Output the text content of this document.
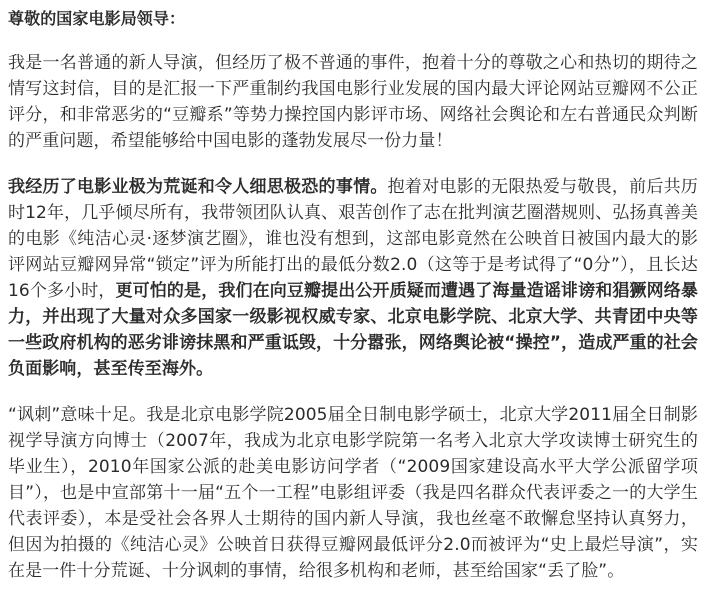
尊敬的国家电影局领导：

我是一名普通的新人导演，但经历了极不普通的事件，抱着十分的尊敬之心和热切的期待之情写这封信，目的是汇报一下严重制约我国电影行业发展的国内最大评论网站豆瓣网不公正评分，和非常恶劣的“豆瓣系”等势力操控国内影评市场、网络社会舆论和左右普通民众判断的严重问题，希望能够给中国电影的蓬勃发展尽一份力量！

我经历了电影业极为荒诞和令人细思极恐的事情。抱着对电影的无限热爱与敬畏，前后共历时12年，几乎倾尽所有，我带领团队认真、艰苦创作了志在批判演艺圈潜规则、弘扬真善美的电影《纯洁心灵·逐梦演艺圈》，谁也没有想到，这部电影竟然在公映首日被国内最大的影评网站豆瓣网异常“锁定”评为所能打出的最低分数2.0（这等于是考试得了“0分”），且长达16个多小时，更可怕的是，我们在向豆瓣提出公开质疑而遭遇了海量造谣诽谤和猖獗网络暴力，并出现了大量对众多国家一级影视权威专家、北京电影学院、北京大学、共青团中央等一些政府机构的恶劣诽谤抹黑和严重诋毁，十分嚣张，网络舆论被“操控”，造成严重的社会负面影响，甚至传至海外。

“讽刺”意味十足。我是北京电影学院2005届全日制电影学硕士，北京大学2011届全日制影视学导演方向博士（2007年，我成为北京电影学院第一名考入北京大学攻读博士研究生的毕业生），2010年国家公派的赴美电影访问学者（“2009国家建设高水平大学公派留学项目”），也是中宣部第十一届“五个一工程”电影组评委（我是四名群众代表评委之一的大学生代表评委），本是受社会各界人士期待的国内新人导演，我也丝毫不敢懈怠坚持认真努力，但因为拍摄的《纯洁心灵》公映首日获得豆瓣网最低评分2.0而被评为“史上最烂导演”，实在是一件十分荒诞、十分讽刺的事情，给很多机构和老师，甚至给国家“丢了脸”。
